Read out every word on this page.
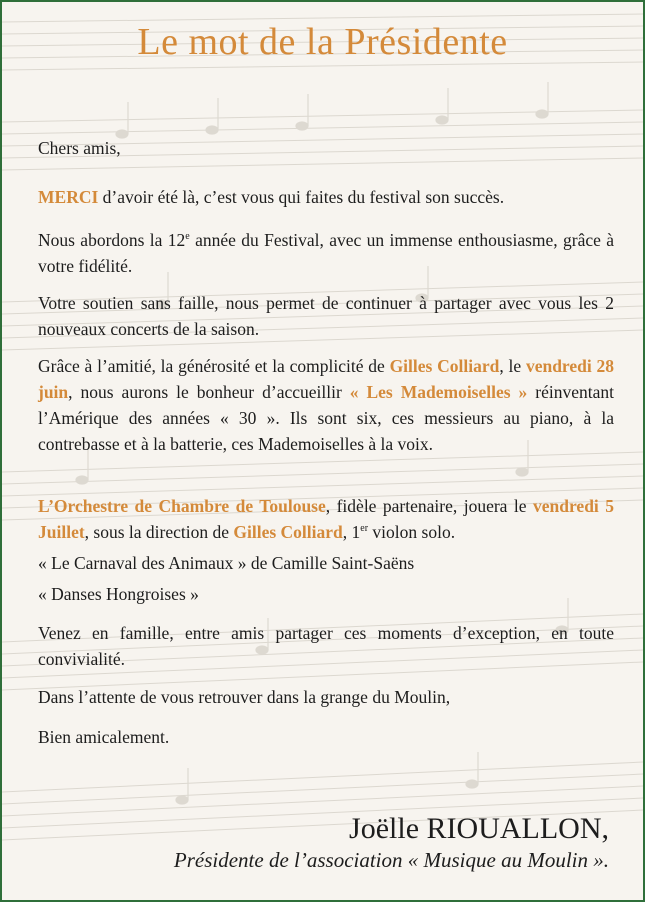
Le mot de la Présidente

Chers amis,

MERCI d’avoir été là, c’est vous qui faites du festival son succès.

Nous abordons la 12e année du Festival, avec un immense enthousiasme, grâce à votre fidélité.

Votre soutien sans faille, nous permet de continuer à partager avec vous les 2 nouveaux concerts de la saison.

Grâce à l’amitié, la générosité et la complicité de Gilles Colliard, le vendredi 28 juin, nous aurons le bonheur d’accueillir « Les Mademoiselles » réinventant l’Amérique des années « 30 ». Ils sont six, ces messieurs au piano, à la contrebasse et à la batterie, ces Mademoiselles à la voix.

L’Orchestre de Chambre de Toulouse, fidèle partenaire, jouera le vendredi 5 Juillet, sous la direction de Gilles Colliard, 1er violon solo.

« Le Carnaval des Animaux » de Camille Saint-Saëns

« Danses Hongroises »

Venez en famille, entre amis partager ces moments d’exception, en toute convivialité.

Dans l’attente de vous retrouver dans la grange du Moulin,

Bien amicalement.

Joëlle RIOUALLON,
Présidente de l’association « Musique au Moulin ».
